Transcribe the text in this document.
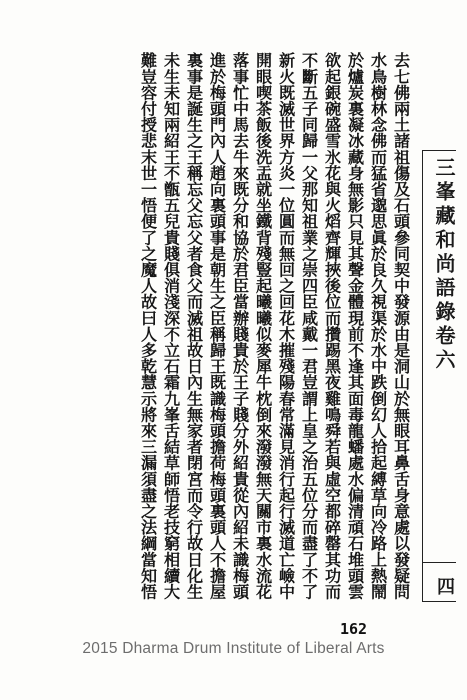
去七佛兩土諸祖傷及石頭參同契中發源由是洞山於無眼耳鼻舌身意處以發疑問
水鳥樹林念佛而猛省邈思眞於良久視渠於水中跌倒幻人拾起縛草向冷路上熱鬧
於爐炭裏凝冰藏身無影只見其聲金體現前不逢其面毒龍蟠處水偏清頑石堆頭雲
欲起銀碗盛雪氷花與火熖齊輝挾後位而攢踢黑夜雞鳴舜若與虛空都碎罄其功而
不斷五子同歸一父那知祖業之崇四臣咸戴一君豈謂上皇之治五位分而盡了不了
新火既滅世界方炎一位圓而無回之回花木摧殘陽春常滿見消行起行滅道亡嶮中
開眼喫茶飯後洗盂就坐鐵背殘豎起曦曦似麥犀牛枕倒來潑潑無天關市裏水流花
落事忙中馬去牛來既分和協於君臣當辦賤貴於王子賤分外紹貴從內紹未識梅頭
進於梅頭門內人趙向裏頭事是朝生之臣稱歸王既識梅頭擔荷梅頭裏頭人不擔屋
裏事是誕生之王稱忘父忘父者食父而滅祖故日內生無家者閉宮而令行故日化生
未生未知兩紹王不甑五兒貴賤俱消淺深不立石霜九峯舌結草師悟老技窮相續大
難豈容付授悲末世一悟便了之魔人故曰人多乾慧示將來三漏須盡之法綱當知悟	三峯藏和尚語錄卷六
四
162
2015 Dharma Drum Institute of Liberal Arts
